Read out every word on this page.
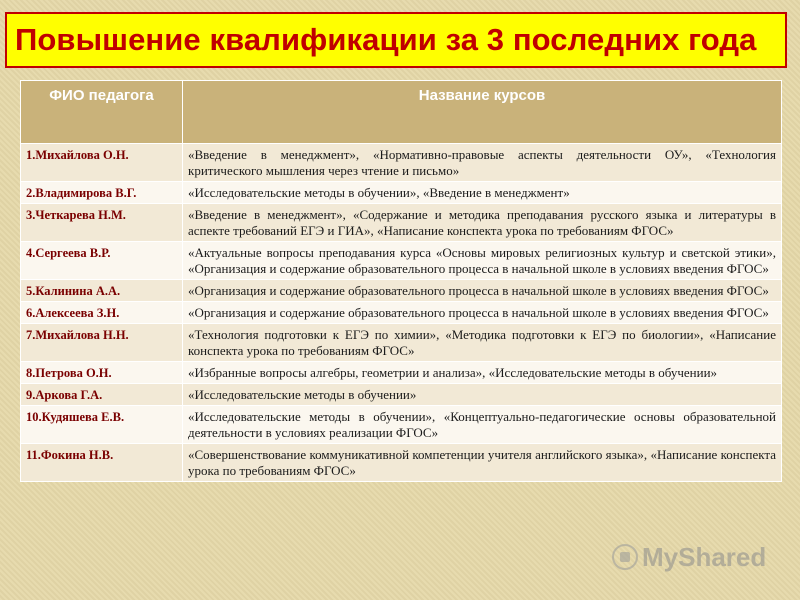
Повышение квалификации за 3 последних года
ФИО педагога	Название курсов
1.Михайлова О.Н.	«Введение в менеджмент», «Нормативно-правовые аспекты деятельности ОУ», «Технология критического мышления через чтение и письмо»
2.Владимирова В.Г.	«Исследовательские методы в обучении», «Введение в менеджмент»
3.Четкарева Н.М.	«Введение в менеджмент», «Содержание и методика преподавания русского языка и литературы в аспекте требований ЕГЭ и ГИА», «Написание конспекта урока по требованиям ФГОС»
4.Сергеева В.Р.	«Актуальные вопросы преподавания курса «Основы мировых религиозных культур и светской этики», «Организация и содержание образовательного процесса в начальной школе в условиях введения ФГОС»
5.Калинина А.А.	«Организация и содержание образовательного процесса в начальной школе в условиях введения ФГОС»
6.Алексеева З.Н.	«Организация и содержание образовательного процесса в начальной школе в условиях введения ФГОС»
7.Михайлова Н.Н.	«Технология подготовки к ЕГЭ по химии», «Методика подготовки к ЕГЭ по биологии», «Написание конспекта урока по требованиям ФГОС»
8.Петрова О.Н.	«Избранные вопросы алгебры, геометрии и анализа», «Исследовательские методы в обучении»
9.Аркова Г.А.	«Исследовательские методы в обучении»
10.Кудяшева Е.В.	«Исследовательские методы в обучении», «Концептуально-педагогические основы образовательной деятельности в условиях реализации ФГОС»
11.Фокина Н.В.	«Совершенствование коммуникативной компетенции учителя английского языка», «Написание конспекта урока по требованиям ФГОС»
MyShared
